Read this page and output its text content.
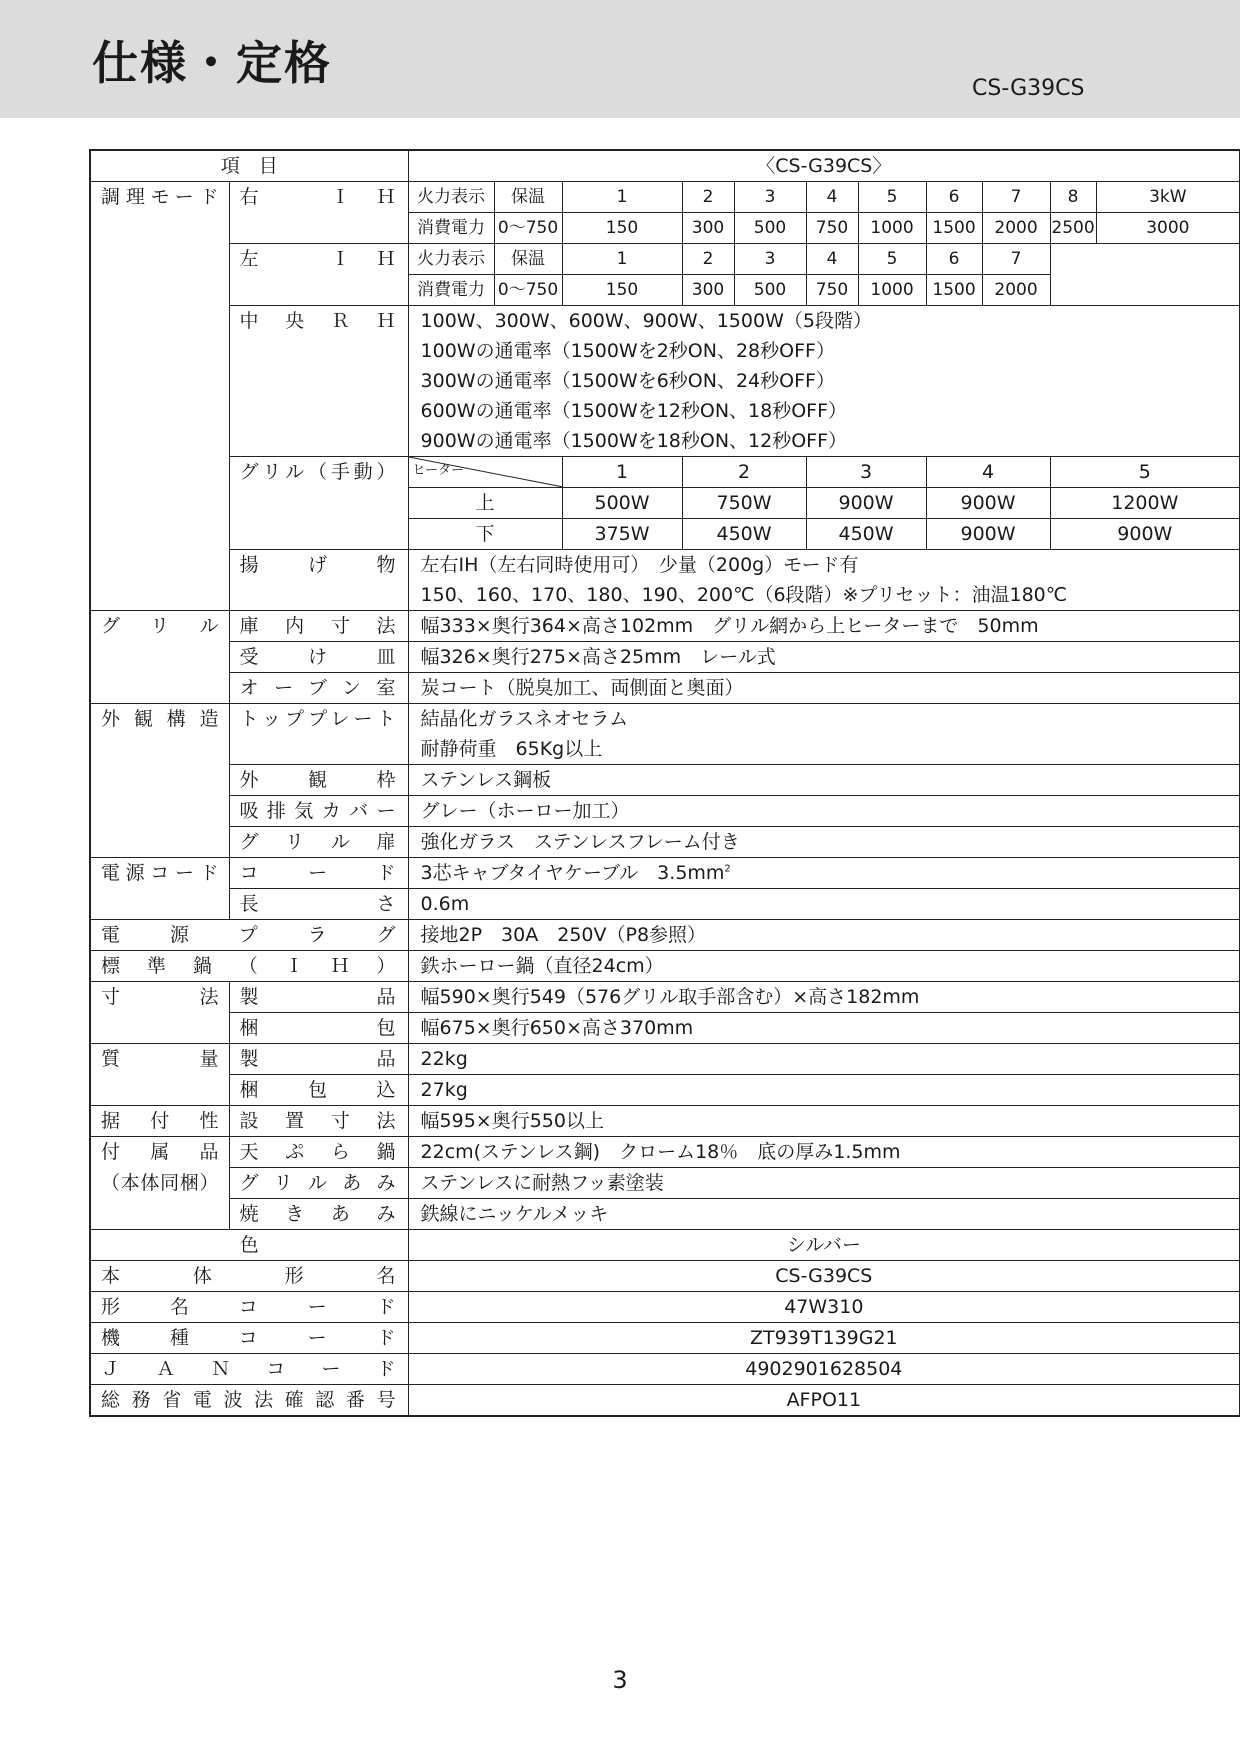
仕様・定格	CS-G39CS
項　目		〈CS-G39CS〉										
調理モード	右　ＩＨ	火力表示	保温	1	2	3	4	5	6	7	8	3kW
		消費電力	0～750	150	300	500	750	1000	1500	2000	2500	3000
	左　ＩＨ	火力表示	保温	1	2	3	4	5	6	7		
		消費電力	0～750	150	300	500	750	1000	1500	2000		
	中央ＲＨ	100W、300W、600W、900W、1500W（5段階）										
		100Wの通電率（1500Wを2秒ON、28秒OFF）										
		300Wの通電率（1500Wを6秒ON、24秒OFF）										
		600Wの通電率（1500Wを12秒ON、18秒OFF）										
		900Wの通電率（1500Wを18秒ON、12秒OFF）										
	グリル（手動）	ヒーター		1	2		3		4		5	
		上		500W	750W		900W		900W		1200W	
		下		375W	450W		450W		900W		900W	
	揚げ物	左右IH（左右同時使用可）　少量（200g）モード有										
		150、160、170、180、190、200℃（6段階）※プリセット：油温180℃										
グリル	庫内寸法	幅333×奥行364×高さ102mm　グリル網から上ヒーターまで　50mm										
	受け皿	幅326×奥行275×高さ25mm　レール式										
	オーブン室	炭コート（脱臭加工、両側面と奥面）										
外観構造	トッププレート	結晶化ガラスネオセラム										
		耐静荷重　65Kg以上										
	外観枠	ステンレス鋼板										
	吸排気カバー	グレー（ホーロー加工）										
	グリル扉	強化ガラス　ステンレスフレーム付き										
電源コード	コード	3芯キャブタイヤケーブル　$3.5mm^2$
	長さ	0.6m										
電源プラグ		接地2P　30A　250V（P8参照）										
標準鍋（ＩＨ）		鉄ホーロー鍋（直径24cm）										
寸法	製品	幅590×奥行549（576グリル取手部含む）×高さ182mm										
	梱包	幅675×奥行650×高さ370mm										
質量	製品	22kg										
	梱包込	27kg										
据付性	設置寸法	幅595×奥行550以上										
付属品	天ぷら鍋	22cm(ステンレス鋼)　クローム18％　底の厚み1.5mm										
（本体同梱）	グリルあみ	ステンレスに耐熱フッ素塗装										
	焼きあみ	鉄線にニッケルメッキ										
色		シルバー										
本体形名		CS-G39CS										
形名コード		47W310										
機種コード		ZT939T139G21										
ＪＡＮコード		4902901628504										
総務省電波法確認番号		AFPO11										
3
